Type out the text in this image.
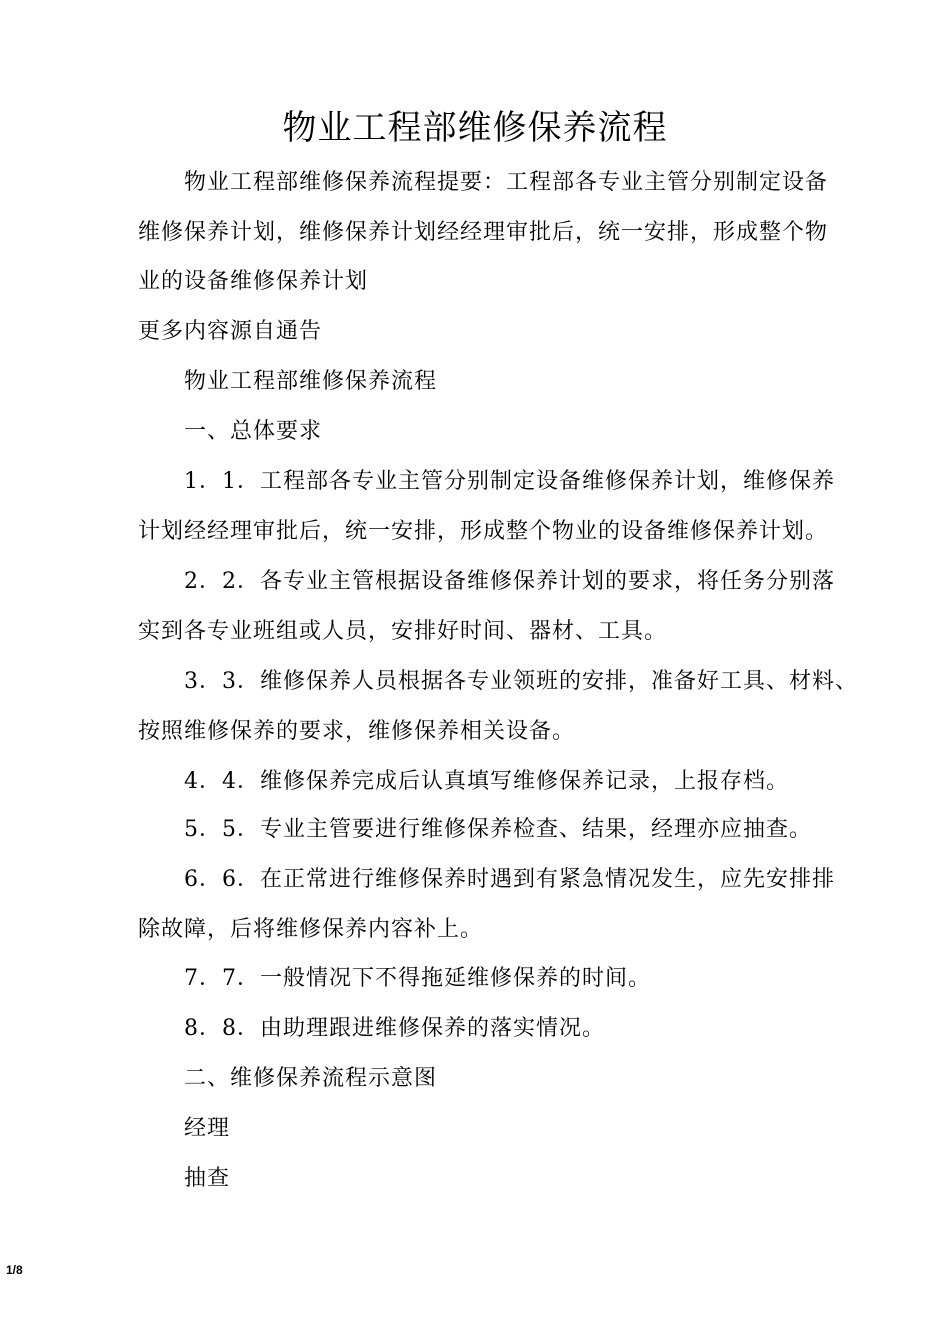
物业工程部维修保养流程
物业工程部维修保养流程提要：工程部各专业主管分别制定设备
维修保养计划，维修保养计划经经理审批后，统一安排，形成整个物
业的设备维修保养计划
更多内容源自通告
物业工程部维修保养流程
一、总体要求
1．1．工程部各专业主管分别制定设备维修保养计划，维修保养
计划经经理审批后，统一安排，形成整个物业的设备维修保养计划。
2．2．各专业主管根据设备维修保养计划的要求，将任务分别落
实到各专业班组或人员，安排好时间、器材、工具。
3．3．维修保养人员根据各专业领班的安排，准备好工具、材料、
按照维修保养的要求，维修保养相关设备。
4．4．维修保养完成后认真填写维修保养记录，上报存档。
5．5．专业主管要进行维修保养检查、结果，经理亦应抽查。
6．6．在正常进行维修保养时遇到有紧急情况发生，应先安排排
除故障，后将维修保养内容补上。
7．7．一般情况下不得拖延维修保养的时间。
8．8．由助理跟进维修保养的落实情况。
二、维修保养流程示意图
经理
抽查
1/8
